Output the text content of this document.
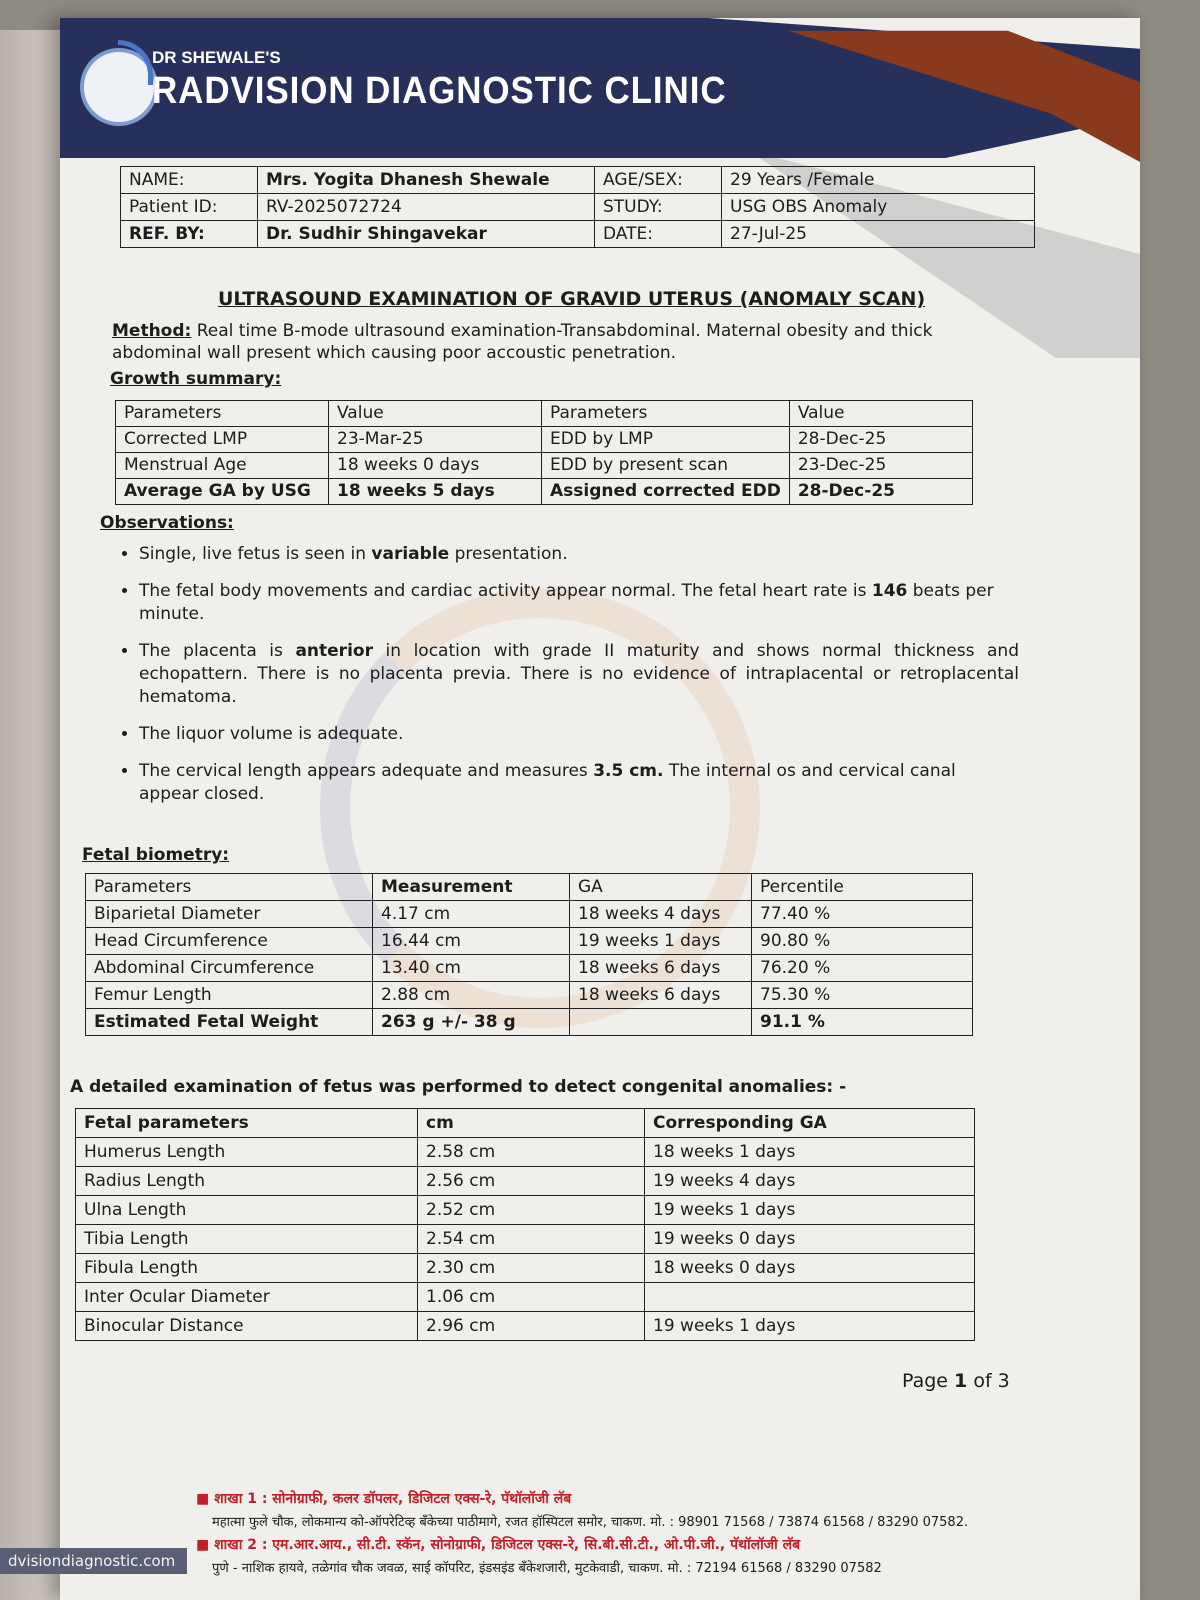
DR SHEWALE'S
RADVISION DIAGNOSTIC CLINIC
NAME:	Mrs. Yogita Dhanesh Shewale	AGE/SEX:	29 Years /Female
Patient ID:	RV-2025072724	STUDY:	USG OBS Anomaly
REF. BY:	Dr. Sudhir Shingavekar	DATE:	27-Jul-25
ULTRASOUND EXAMINATION OF GRAVID UTERUS (ANOMALY SCAN)
Method: Real time B-mode ultrasound examination-Transabdominal. Maternal obesity and thick abdominal wall present which causing poor accoustic penetration.
Growth summary:
Parameters	Value	Parameters	Value
Corrected LMP	23-Mar-25	EDD by LMP	28-Dec-25
Menstrual Age	18 weeks 0 days	EDD by present scan	23-Dec-25
Average GA by USG	18 weeks 5 days	Assigned corrected EDD	28-Dec-25
Observations:
• Single, live fetus is seen in variable presentation.
• The fetal body movements and cardiac activity appear normal. The fetal heart rate is 146 beats per minute.
• The placenta is anterior in location with grade II maturity and shows normal thickness and echopattern. There is no placenta previa. There is no evidence of intraplacental or retroplacental hematoma.
• The liquor volume is adequate.
• The cervical length appears adequate and measures 3.5 cm. The internal os and cervical canal appear closed.
Fetal biometry:
Parameters	Measurement	GA	Percentile
Biparietal Diameter	4.17 cm	18 weeks 4 days	77.40 %
Head Circumference	16.44 cm	19 weeks 1 days	90.80 %
Abdominal Circumference	13.40 cm	18 weeks 6 days	76.20 %
Femur Length	2.88 cm	18 weeks 6 days	75.30 %
Estimated Fetal Weight	263 g +/- 38 g		91.1 %
A detailed examination of fetus was performed to detect congenital anomalies: -
Fetal parameters	cm	Corresponding GA
Humerus Length	2.58 cm	18 weeks 1 days
Radius Length	2.56 cm	19 weeks 4 days
Ulna Length	2.52 cm	19 weeks 1 days
Tibia Length	2.54 cm	19 weeks 0 days
Fibula Length	2.30 cm	18 weeks 0 days
Inter Ocular Diameter	1.06 cm	
Binocular Distance	2.96 cm	19 weeks 1 days
Page 1 of 3
■ शाखा 1 : सोनोग्राफी, कलर डॉपलर, डिजिटल एक्स-रे, पॅथॉलॉजी लॅब
महात्मा फुले चौक, लोकमान्य को-ऑपरेटिव्ह बँकेच्या पाठीमागे, रजत हॉस्पिटल समोर, चाकण. मो. : 98901 71568 / 73874 61568 / 83290 07582.
■ शाखा 2 : एम.आर.आय., सी.टी. स्कॅन, सोनोग्राफी, डिजिटल एक्स-रे, सि.बी.सी.टी., ओ.पी.जी., पॅथॉलॉजी लॅब
पुणे - नाशिक हायवे, तळेगांव चौक जवळ, साई कॉपरिट, इंडसइंड बँकेशजारी, मुटकेवाडी, चाकण. मो. : 72194 61568 / 83290 07582
dvisiondiagnostic.com
